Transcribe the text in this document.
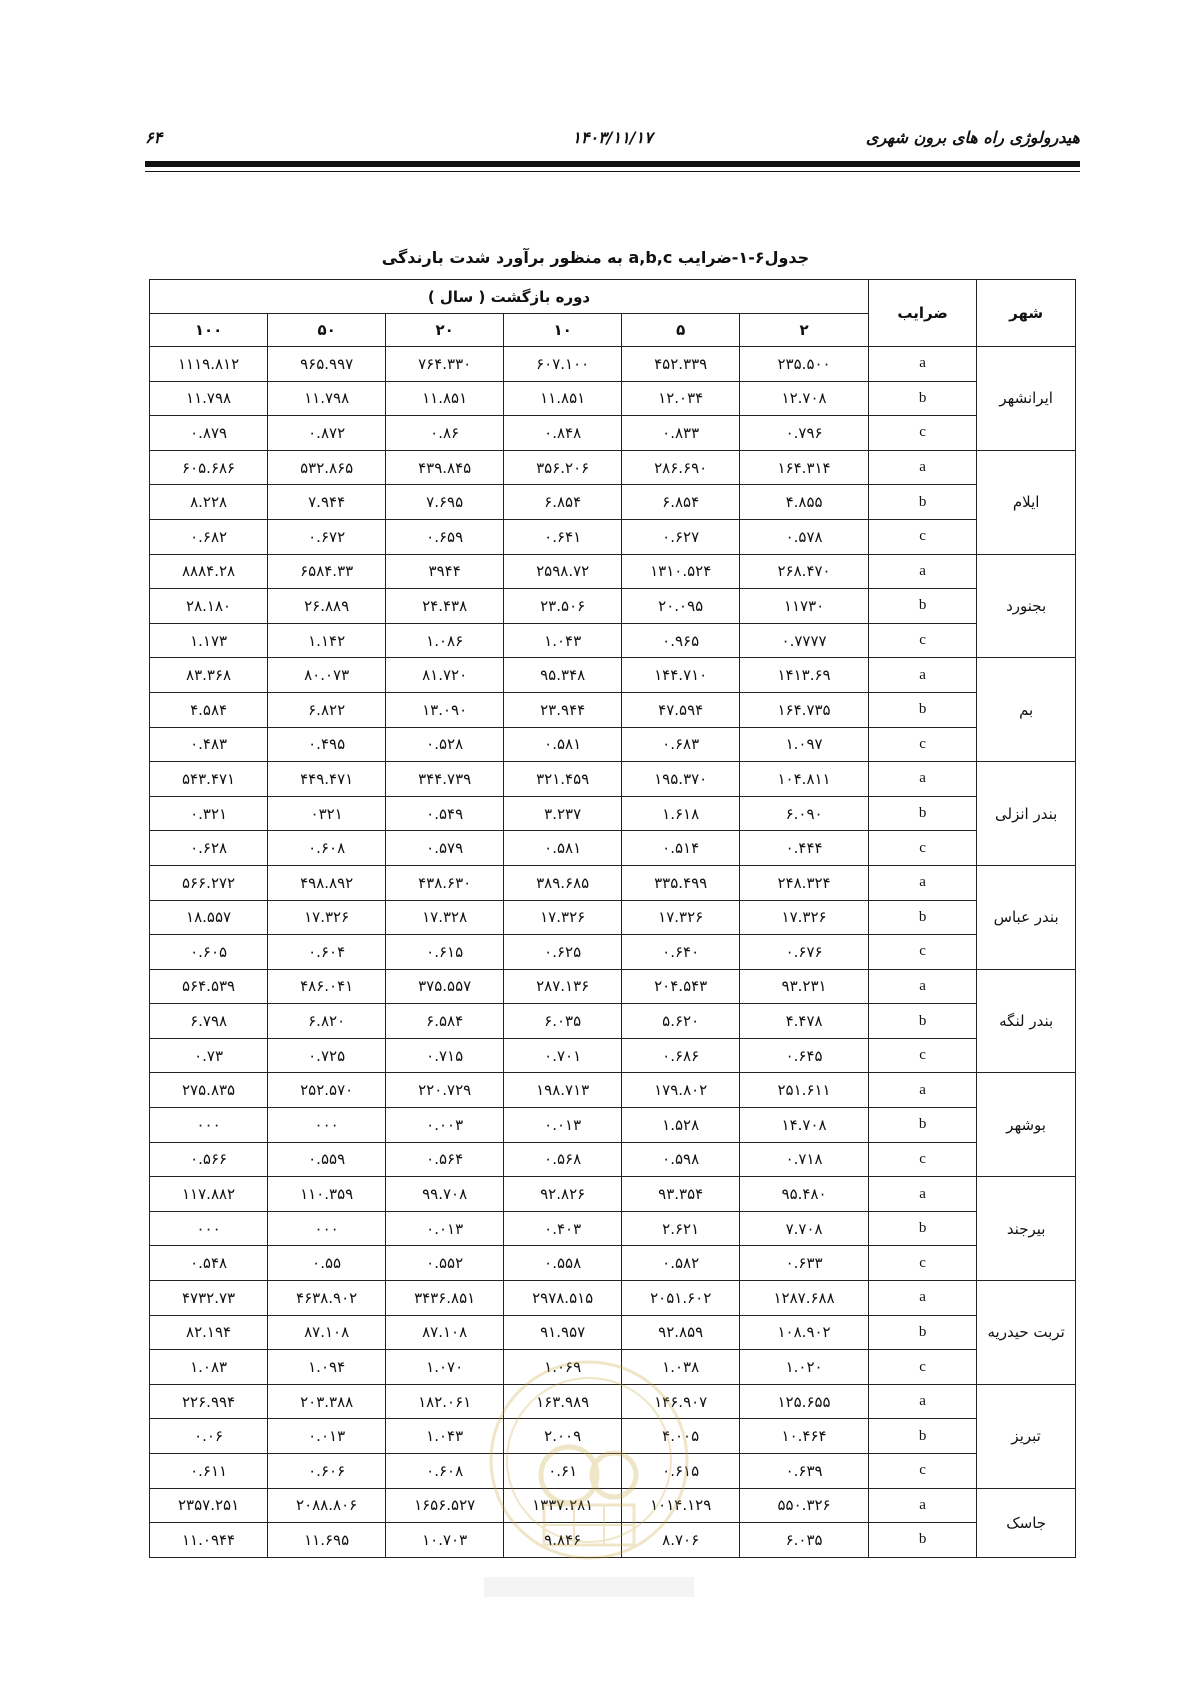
هیدرولوژی راه های برون شهری
۱۴۰۳/۱۱/۱۷
۶۴
جدول۶-۱-ضرایب a,b,c به منظور برآورد شدت بارندگی
شهر	ضرایب	دوره بازگشت ( سال )					
		۲	۵	۱۰	۲۰	۵۰	۱۰۰
ایرانشهر	a	۲۳۵.۵۰۰	۴۵۲.۳۳۹	۶۰۷.۱۰۰	۷۶۴.۳۳۰	۹۶۵.۹۹۷	۱۱۱۹.۸۱۲
	b	۱۲.۷۰۸	۱۲.۰۳۴	۱۱.۸۵۱	۱۱.۸۵۱	۱۱.۷۹۸	۱۱.۷۹۸
	c	۰.۷۹۶	۰.۸۳۳	۰.۸۴۸	۰.۸۶	۰.۸۷۲	۰.۸۷۹
ایلام	a	۱۶۴.۳۱۴	۲۸۶.۶۹۰	۳۵۶.۲۰۶	۴۳۹.۸۴۵	۵۳۲.۸۶۵	۶۰۵.۶۸۶
	b	۴.۸۵۵	۶.۸۵۴	۶.۸۵۴	۷.۶۹۵	۷.۹۴۴	۸.۲۲۸
	c	۰.۵۷۸	۰.۶۲۷	۰.۶۴۱	۰.۶۵۹	۰.۶۷۲	۰.۶۸۲
بجنورد	a	۲۶۸.۴۷۰	۱۳۱۰.۵۲۴	۲۵۹۸.۷۲	۳۹۴۴	۶۵۸۴.۳۳	۸۸۸۴.۲۸
	b	۱۱۷۳۰	۲۰.۰۹۵	۲۳.۵۰۶	۲۴.۴۳۸	۲۶.۸۸۹	۲۸.۱۸۰
	c	۰.۷۷۷۷	۰.۹۶۵	۱.۰۴۳	۱.۰۸۶	۱.۱۴۲	۱.۱۷۳
بم	a	۱۴۱۳.۶۹	۱۴۴.۷۱۰	۹۵.۳۴۸	۸۱.۷۲۰	۸۰.۰۷۳	۸۳.۳۶۸
	b	۱۶۴.۷۳۵	۴۷.۵۹۴	۲۳.۹۴۴	۱۳.۰۹۰	۶.۸۲۲	۴.۵۸۴
	c	۱.۰۹۷	۰.۶۸۳	۰.۵۸۱	۰.۵۲۸	۰.۴۹۵	۰.۴۸۳
بندر انزلی	a	۱۰۴.۸۱۱	۱۹۵.۳۷۰	۳۲۱.۴۵۹	۳۴۴.۷۳۹	۴۴۹.۴۷۱	۵۴۳.۴۷۱
	b	۶.۰۹۰	۱.۶۱۸	۳.۲۳۷	۰.۵۴۹	۰۳۲۱	۰.۳۲۱
	c	۰.۴۴۴	۰.۵۱۴	۰.۵۸۱	۰.۵۷۹	۰.۶۰۸	۰.۶۲۸
بندر عباس	a	۲۴۸.۳۲۴	۳۳۵.۴۹۹	۳۸۹.۶۸۵	۴۳۸.۶۳۰	۴۹۸.۸۹۲	۵۶۶.۲۷۲
	b	۱۷.۳۲۶	۱۷.۳۲۶	۱۷.۳۲۶	۱۷.۳۲۸	۱۷.۳۲۶	۱۸.۵۵۷
	c	۰.۶۷۶	۰.۶۴۰	۰.۶۲۵	۰.۶۱۵	۰.۶۰۴	۰.۶۰۵
بندر لنگه	a	۹۳.۲۳۱	۲۰۴.۵۴۳	۲۸۷.۱۳۶	۳۷۵.۵۵۷	۴۸۶.۰۴۱	۵۶۴.۵۳۹
	b	۴.۴۷۸	۵.۶۲۰	۶.۰۳۵	۶.۵۸۴	۶.۸۲۰	۶.۷۹۸
	c	۰.۶۴۵	۰.۶۸۶	۰.۷۰۱	۰.۷۱۵	۰.۷۲۵	۰.۷۳
بوشهر	a	۲۵۱.۶۱۱	۱۷۹.۸۰۲	۱۹۸.۷۱۳	۲۲۰.۷۲۹	۲۵۲.۵۷۰	۲۷۵.۸۳۵
	b	۱۴.۷۰۸	۱.۵۲۸	۰.۰۱۳	۰.۰۰۳	۰۰۰	۰۰۰
	c	۰.۷۱۸	۰.۵۹۸	۰.۵۶۸	۰.۵۶۴	۰.۵۵۹	۰.۵۶۶
بیرجند	a	۹۵.۴۸۰	۹۳.۳۵۴	۹۲.۸۲۶	۹۹.۷۰۸	۱۱۰.۳۵۹	۱۱۷.۸۸۲
	b	۷.۷۰۸	۲.۶۲۱	۰.۴۰۳	۰.۰۱۳	۰۰۰	۰۰۰
	c	۰.۶۳۳	۰.۵۸۲	۰.۵۵۸	۰.۵۵۲	۰.۵۵	۰.۵۴۸
تربت حیدریه	a	۱۲۸۷.۶۸۸	۲۰۵۱.۶۰۲	۲۹۷۸.۵۱۵	۳۴۳۶.۸۵۱	۴۶۳۸.۹۰۲	۴۷۳۲.۷۳
	b	۱۰۸.۹۰۲	۹۲.۸۵۹	۹۱.۹۵۷	۸۷.۱۰۸	۸۷.۱۰۸	۸۲.۱۹۴
	c	۱.۰۲۰	۱.۰۳۸	۱.۰۶۹	۱.۰۷۰	۱.۰۹۴	۱.۰۸۳
تبریز	a	۱۲۵.۶۵۵	۱۴۶.۹۰۷	۱۶۳.۹۸۹	۱۸۲.۰۶۱	۲۰۳.۳۸۸	۲۲۶.۹۹۴
	b	۱۰.۴۶۴	۴.۰۰۵	۲.۰۰۹	۱.۰۴۳	۰.۰۱۳	۰.۰۶
	c	۰.۶۳۹	۰.۶۱۵	۰.۶۱	۰.۶۰۸	۰.۶۰۶	۰.۶۱۱
جاسک	a	۵۵۰.۳۲۶	۱۰۱۴.۱۲۹	۱۳۳۷.۲۸۱	۱۶۵۶.۵۲۷	۲۰۸۸.۸۰۶	۲۳۵۷.۲۵۱
	b	۶.۰۳۵	۸.۷۰۶	۹.۸۴۶	۱۰.۷۰۳	۱۱.۶۹۵	۱۱.۰۹۴۴
